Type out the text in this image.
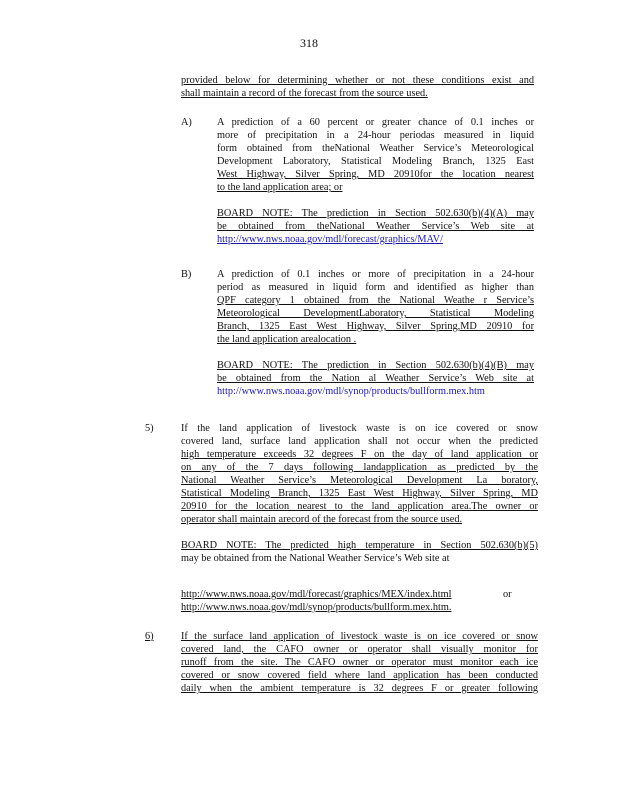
318
provided below for determining whether or not these conditions exist and
shall maintain a record of the forecast from the source used.
A) A prediction of a 60 percent or greater chance of 0.1 inches or
more of precipitation in a 24-hour periodas measured in liquid
form obtained from theNational Weather Service’s Meteorological
Development Laboratory, Statistical Modeling Branch, 1325 East
West Highway, Silver Spring, MD 20910for the location nearest
to the land application area; or
BOARD NOTE: The prediction in Section 502.630(b)(4)(A) may
be obtained from theNational Weather Service’s Web site at
http://www.nws.noaa.gov/mdl/forecast/graphics/MAV/
B) A prediction of 0.1 inches or more of precipitation in a 24-hour
period as measured in liquid form and identified as higher than
QPF category 1 obtained from the National Weathe r Service’s
Meteorological DevelopmentLaboratory, Statistical Modeling
Branch, 1325 East West Highway, Silver Spring,MD 20910 for
the land application arealocation .
BOARD NOTE: The prediction in Section 502.630(b)(4)(B) may
be obtained from the Nation al Weather Service’s Web site at
http://www.nws.noaa.gov/mdl/synop/products/bullform.mex.htm
5)	If the land application of livestock waste is on ice covered or snow
covered land, surface land application shall not occur when the predicted
high temperature exceeds 32 degrees F on the day of land application or
on any of the 7 days following landapplication as predicted by the
National Weather Service’s Meteorological Development La boratory,
Statistical Modeling Branch, 1325 East West Highway, Silver Spring, MD
20910 for the location nearest to the land application area.The owner or
operator shall maintain arecord of the forecast from the source used.
BOARD NOTE: The predicted high temperature in Section 502.630(b)(5)
may be obtained from the National Weather Service’s Web site at
http://www.nws.noaa.gov/mdl/forecast/graphics/MEX/index.html	or
http://www.nws.noaa.gov/mdl/synop/products/bullform.mex.htm.
6)	If the surface land application of livestock waste is on ice covered or snow
covered land, the CAFO owner or operator shall visually monitor for
runoff from the site. The CAFO owner or operator must monitor each ice
covered or snow covered field where land application has been conducted
daily when the ambient temperature is 32 degrees F or greater following
